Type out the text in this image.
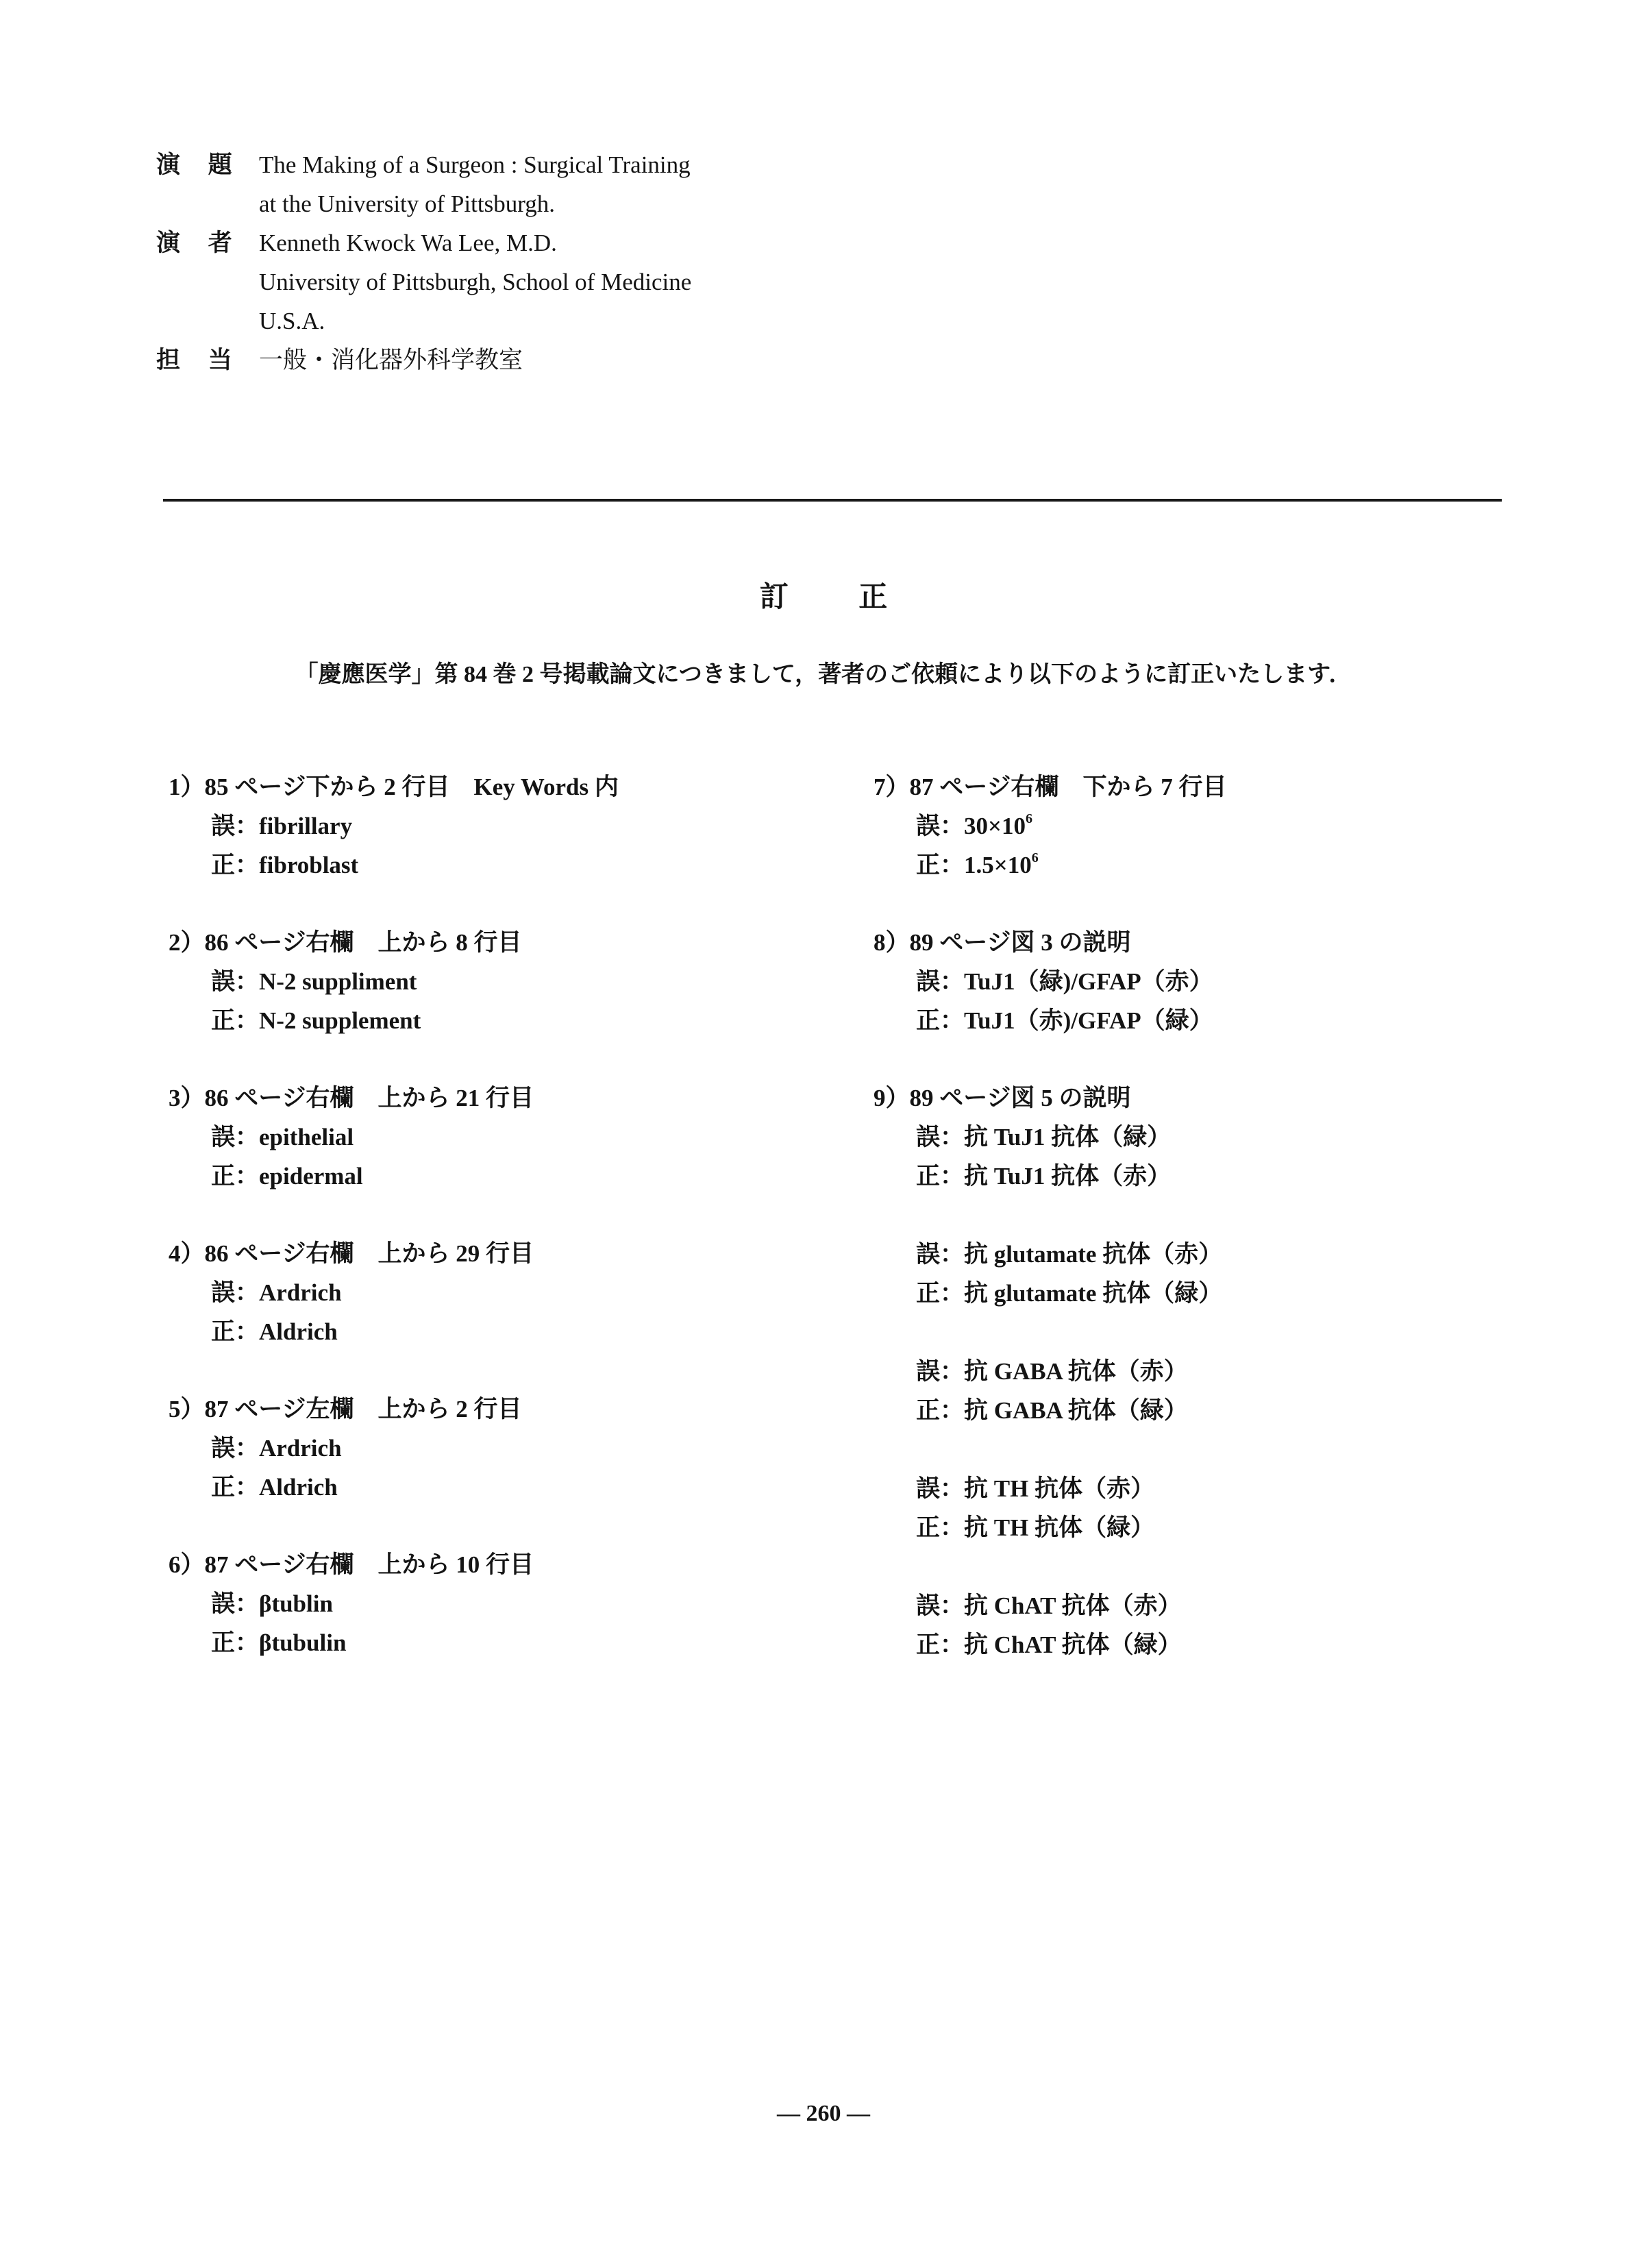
演 題 The Making of a Surgeon : Surgical Training
at the University of Pittsburgh.
演 者 Kenneth Kwock Wa Lee, M.D.
University of Pittsburgh, School of Medicine
U.S.A.
担 当 一般・消化器外科学教室
訂 正
「慶應医学」第 84 巻 2 号掲載論文につきまして，著者のご依頼により以下のように訂正いたします．
1）85 ページ下から 2 行目　Key Words 内
誤：fibrillary
正：fibroblast
2）86 ページ右欄　上から 8 行目
誤：N-2 suppliment
正：N-2 supplement
3）86 ページ右欄　上から 21 行目
誤：epithelial
正：epidermal
4）86 ページ右欄　上から 29 行目
誤：Ardrich
正：Aldrich
5）87 ページ左欄　上から 2 行目
誤：Ardrich
正：Aldrich
6）87 ページ右欄　上から 10 行目
誤：βtublin
正：βtubulin
7）87 ページ右欄　下から 7 行目
誤：$30\times 10^6$
正：$1.5\times 10^6$
8）89 ページ図 3 の説明
誤：TuJ1（緑)/GFAP（赤）
正：TuJ1（赤)/GFAP（緑）
9）89 ページ図 5 の説明
誤：抗 TuJ1 抗体（緑）
正：抗 TuJ1 抗体（赤）
誤：抗 glutamate 抗体（赤）
正：抗 glutamate 抗体（緑）
誤：抗 GABA 抗体（赤）
正：抗 GABA 抗体（緑）
誤：抗 TH 抗体（赤）
正：抗 TH 抗体（緑）
誤：抗 ChAT 抗体（赤）
正：抗 ChAT 抗体（緑）
— 260 —
